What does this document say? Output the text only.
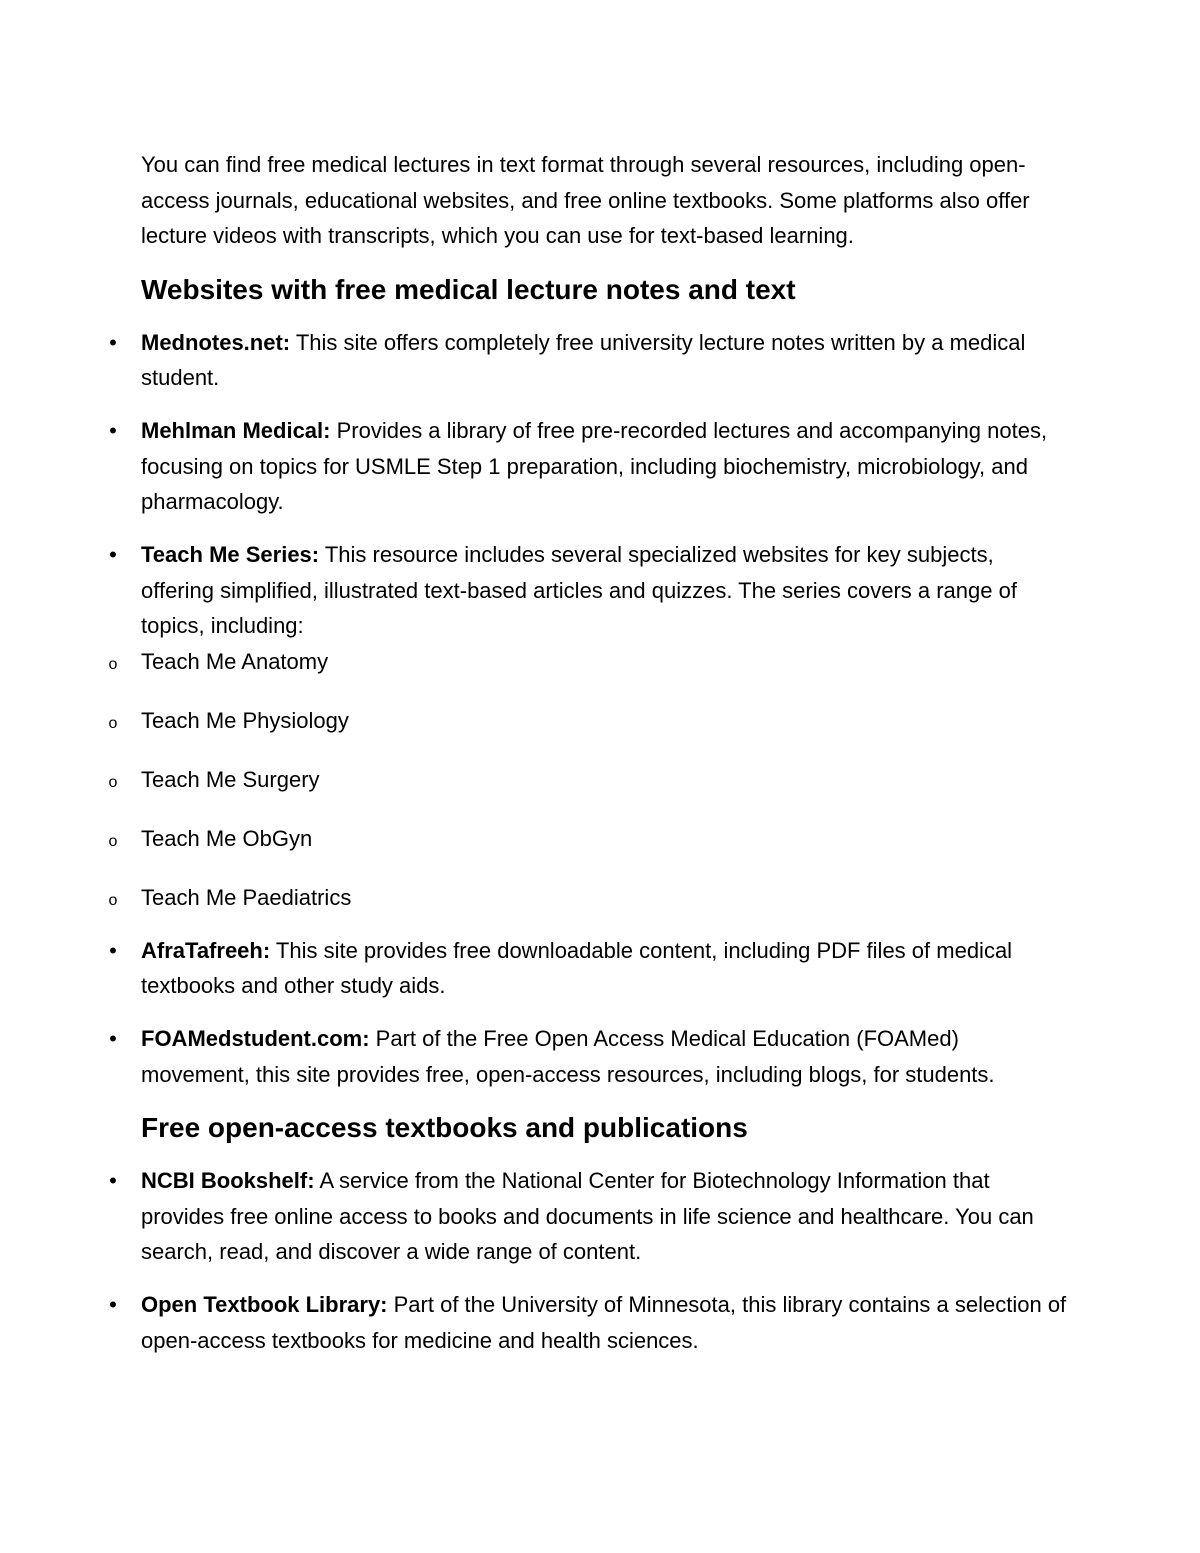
You can find free medical lectures in text format through several resources, including open-access journals, educational websites, and free online textbooks. Some platforms also offer lecture videos with transcripts, which you can use for text-based learning.

Websites with free medical lecture notes and text
• Mednotes.net: This site offers completely free university lecture notes written by a medical student.
• Mehlman Medical: Provides a library of free pre-recorded lectures and accompanying notes, focusing on topics for USMLE Step 1 preparation, including biochemistry, microbiology, and pharmacology.
• Teach Me Series: This resource includes several specialized websites for key subjects, offering simplified, illustrated text-based articles and quizzes. The series covers a range of topics, including:
o Teach Me Anatomy
o Teach Me Physiology
o Teach Me Surgery
o Teach Me ObGyn
o Teach Me Paediatrics
• AfraTafreeh: This site provides free downloadable content, including PDF files of medical textbooks and other study aids.
• FOAMedstudent.com: Part of the Free Open Access Medical Education (FOAMed) movement, this site provides free, open-access resources, including blogs, for students.
Free open-access textbooks and publications
• NCBI Bookshelf: A service from the National Center for Biotechnology Information that provides free online access to books and documents in life science and healthcare. You can search, read, and discover a wide range of content.
• Open Textbook Library: Part of the University of Minnesota, this library contains a selection of open-access textbooks for medicine and health sciences.
